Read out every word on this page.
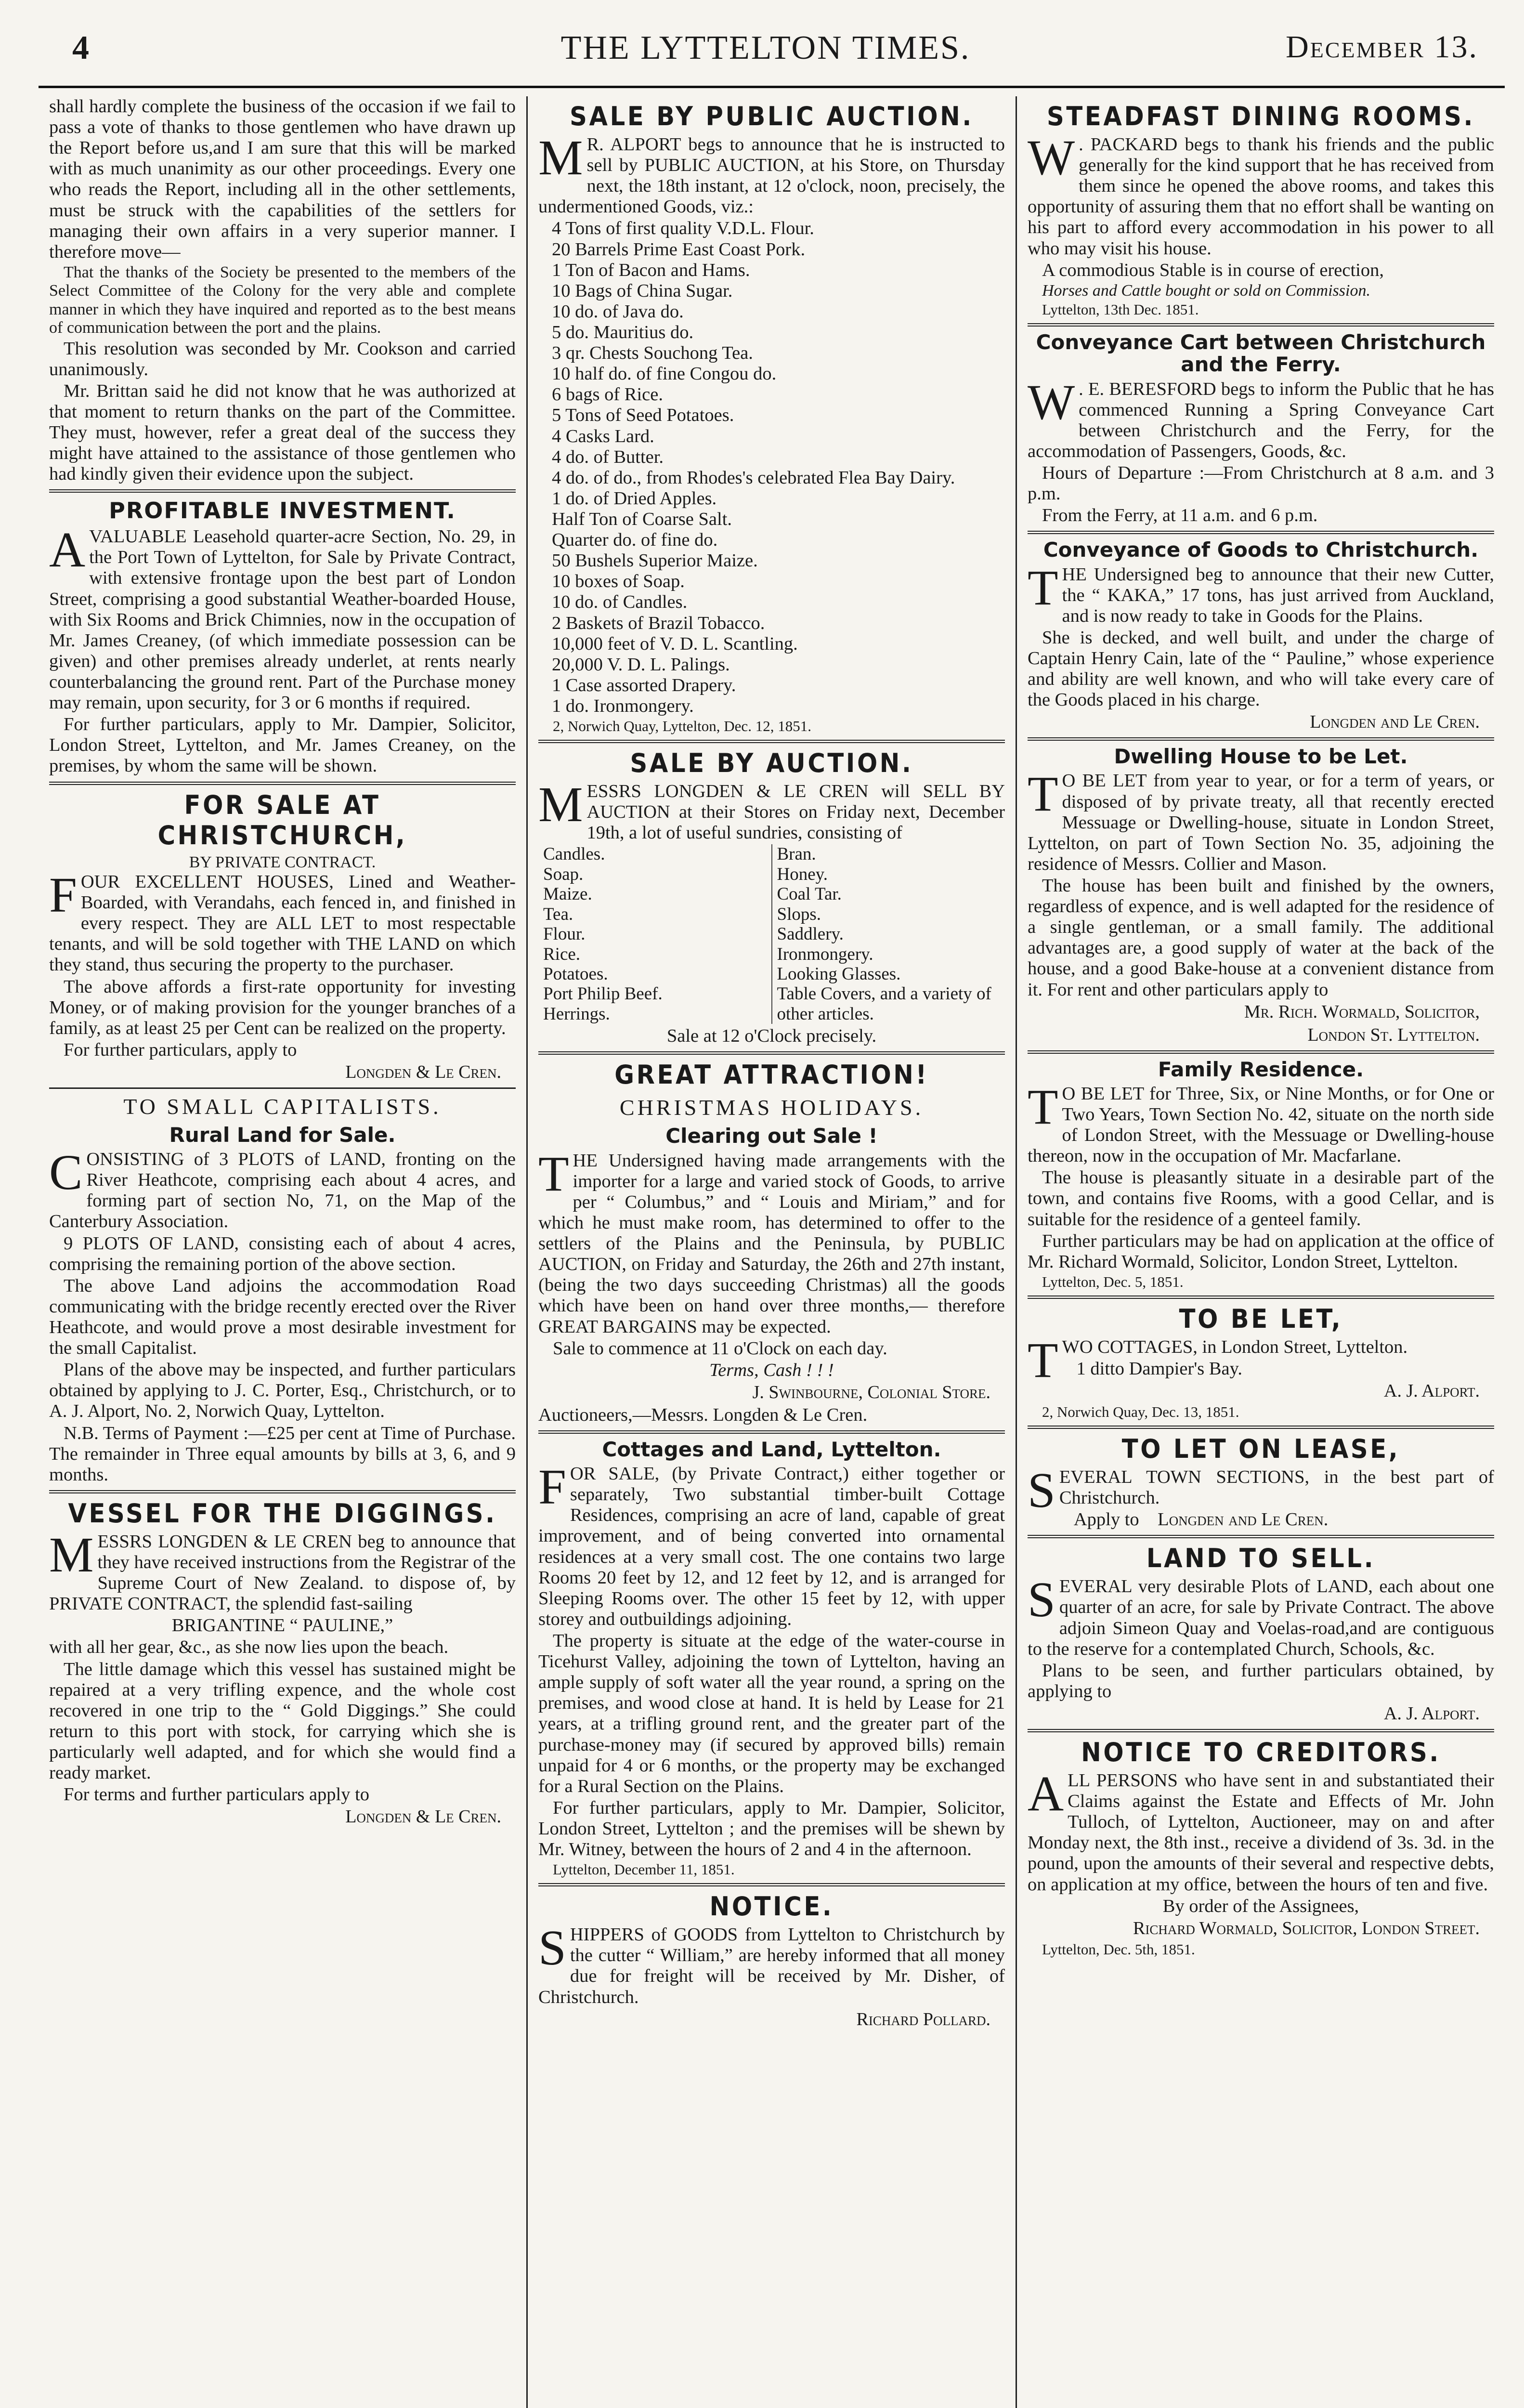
4	THE LYTTELTON TIMES.	December 13.

shall hardly complete the business of the occasion if we fail to pass a vote of thanks to those gentlemen who have drawn up the Report before us,and I am sure that this will be marked with as much unanimity as our other proceedings. Every one who reads the Report, including all in the other settlements, must be struck with the capabilities of the settlers for managing their own affairs in a very superior manner. I therefore move—

That the thanks of the Society be presented to the members of the Select Committee of the Colony for the very able and complete manner in which they have inquired and reported as to the best means of communication between the port and the plains.

This resolution was seconded by Mr. Cookson and carried unanimously.

Mr. Brittan said he did not know that he was authorized at that moment to return thanks on the part of the Committee. They must, however, refer a great deal of the success they might have attained to the assistance of those gentlemen who had kindly given their evidence upon the subject.

PROFITABLE INVESTMENT.

AVALUABLE Leasehold quarter-acre Section, No. 29, in the Port Town of Lyttelton, for Sale by Private Contract, with extensive frontage upon the best part of London Street, comprising a good substantial Weather-boarded House, with Six Rooms and Brick Chimnies, now in the occupation of Mr. James Creaney, (of which immediate possession can be given) and other premises already underlet, at rents nearly counterbalancing the ground rent. Part of the Purchase money may remain, upon security, for 3 or 6 months if required.

For further particulars, apply to Mr. Dampier, Solicitor, London Street, Lyttelton, and Mr. James Creaney, on the premises, by whom the same will be shown.

FOR SALE AT CHRISTCHURCH,
BY PRIVATE CONTRACT.

FOUR EXCELLENT HOUSES, Lined and Weather-Boarded, with Verandahs, each fenced in, and finished in every respect. They are ALL LET to most respectable tenants, and will be sold together with THE LAND on which they stand, thus securing the property to the purchaser.

The above affords a first-rate opportunity for investing Money, or of making provision for the younger branches of a family, as at least 25 per Cent can be realized on the property.

For further particulars, apply to

Longden & Le Cren.
TO SMALL CAPITALISTS.
Rural Land for Sale.

CONSISTING of 3 PLOTS of LAND, fronting on the River Heathcote, comprising each about 4 acres, and forming part of section No, 71, on the Map of the Canterbury Association.

9 PLOTS OF LAND, consisting each of about 4 acres, comprising the remaining portion of the above section.

The above Land adjoins the accommodation Road communicating with the bridge recently erected over the River Heathcote, and would prove a most desirable investment for the small Capitalist.

Plans of the above may be inspected, and further particulars obtained by applying to J. C. Porter, Esq., Christchurch, or to A. J. Alport, No. 2, Norwich Quay, Lyttelton.

N.B. Terms of Payment :—£25 per cent at Time of Purchase. The remainder in Three equal amounts by bills at 3, 6, and 9 months.

VESSEL FOR THE DIGGINGS.

MESSRS LONGDEN & LE CREN beg to announce that they have received instructions from the Registrar of the Supreme Court of New Zealand. to dispose of, by PRIVATE CONTRACT, the splendid fast-sailing

BRIGANTINE “ PAULINE,”

with all her gear, &c., as she now lies upon the beach.

The little damage which this vessel has sustained might be repaired at a very trifling expence, and the whole cost recovered in one trip to the “ Gold Diggings.” She could return to this port with stock, for carrying which she is particularly well adapted, and for which she would find a ready market.

For terms and further particulars apply to

Longden & Le Cren.
SALE BY PUBLIC AUCTION.

M R. ALPORT begs to announce that he is instructed to sell by PUBLIC AUCTION, at his Store, on Thursday next, the 18th instant, at 12 o'clock, noon, precisely, the undermentioned Goods, viz.:

4 Tons of first quality V.D.L. Flour.
20 Barrels Prime East Coast Pork.
1 Ton of Bacon and Hams.
10 Bags of China Sugar.
10 do. of Java do.
5 do. Mauritius do.
3 qr. Chests Souchong Tea.
10 half do. of fine Congou do.
6 bags of Rice.
5 Tons of Seed Potatoes.
4 Casks Lard.
4 do. of Butter.
4 do. of do., from Rhodes's celebrated Flea Bay Dairy.
1 do. of Dried Apples.
Half Ton of Coarse Salt.
Quarter do. of fine do.
50 Bushels Superior Maize.
10 boxes of Soap.
10 do. of Candles.
2 Baskets of Brazil Tobacco.
10,000 feet of V. D. L. Scantling.
20,000 V. D. L. Palings.
1 Case assorted Drapery.
1 do. Ironmongery.
2, Norwich Quay, Lyttelton, Dec. 12, 1851.
SALE BY AUCTION.

MESSRS LONGDEN & LE CREN will SELL BY AUCTION at their Stores on Friday next, December 19th, a lot of useful sundries, consisting of

Candles.
Soap.
Maize.
Tea.
Flour.
Rice.
Potatoes.
Port Philip Beef.
Herrings.
Bran.
Honey.
Coal Tar.
Slops.
Saddlery.
Ironmongery.
Looking Glasses.
Table Covers, and a variety of other articles.
Sale at 12 o'Clock precisely.
GREAT ATTRACTION!
CHRISTMAS HOLIDAYS.
Clearing out Sale !

THE Undersigned having made arrangements with the importer for a large and varied stock of Goods, to arrive per “ Columbus,” and “ Louis and Miriam,” and for which he must make room, has determined to offer to the settlers of the Plains and the Peninsula, by PUBLIC AUCTION, on Friday and Saturday, the 26th and 27th instant, (being the two days succeeding Christmas) all the goods which have been on hand over three months,— therefore GREAT BARGAINS may be expected.

Sale to commence at 11 o'Clock on each day.

Terms, Cash ! ! !
J. Swinbourne, Colonial Store.

Auctioneers,—Messrs. Longden & Le Cren.

Cottages and Land, Lyttelton.

FOR SALE, (by Private Contract,) either together or separately, Two substantial timber-built Cottage Residences, comprising an acre of land, capable of great improvement, and of being converted into ornamental residences at a very small cost. The one contains two large Rooms 20 feet by 12, and 12 feet by 12, and is arranged for Sleeping Rooms over. The other 15 feet by 12, with upper storey and outbuildings adjoining.

The property is situate at the edge of the water-course in Ticehurst Valley, adjoining the town of Lyttelton, having an ample supply of soft water all the year round, a spring on the premises, and wood close at hand. It is held by Lease for 21 years, at a trifling ground rent, and the greater part of the purchase-money may (if secured by approved bills) remain unpaid for 4 or 6 months, or the property may be exchanged for a Rural Section on the Plains.

For further particulars, apply to Mr. Dampier, Solicitor, London Street, Lyttelton ; and the premises will be shewn by Mr. Witney, between the hours of 2 and 4 in the afternoon.

Lyttelton, December 11, 1851.
NOTICE.

SHIPPERS of GOODS from Lyttelton to Christchurch by the cutter “ William,” are hereby informed that all money due for freight will be received by Mr. Disher, of Christchurch.

Richard Pollard.
STEADFAST DINING ROOMS.

W . PACKARD begs to thank his friends and the public generally for the kind support that he has received from them since he opened the above rooms, and takes this opportunity of assuring them that no effort shall be wanting on his part to afford every accommodation in his power to all who may visit his house.

A commodious Stable is in course of erection,

Horses and Cattle bought or sold on Commission.

Lyttelton, 13th Dec. 1851.
Conveyance Cart between Christchurch and the Ferry.

W . E. BERESFORD begs to inform the Public that he has commenced Running a Spring Conveyance Cart between Christchurch and the Ferry, for the accommodation of Passengers, Goods, &c.

Hours of Departure :—From Christchurch at 8 a.m. and 3 p.m.

From the Ferry, at 11 a.m. and 6 p.m.

Conveyance of Goods to Christchurch.

THE Undersigned beg to announce that their new Cutter, the “ KAKA,” 17 tons, has just arrived from Auckland, and is now ready to take in Goods for the Plains.

She is decked, and well built, and under the charge of Captain Henry Cain, late of the “ Pauline,” whose experience and ability are well known, and who will take every care of the Goods placed in his charge.

Longden and Le Cren.
Dwelling House to be Let.

T O BE LET from year to year, or for a term of years, or disposed of by private treaty, all that recently erected Messuage or Dwelling-house, situate in London Street, Lyttelton, on part of Town Section No. 35, adjoining the residence of Messrs. Collier and Mason.

The house has been built and finished by the owners, regardless of expence, and is well adapted for the residence of a single gentleman, or a small family. The additional advantages are, a good supply of water at the back of the house, and a good Bake-house at a convenient distance from it. For rent and other particulars apply to

Mr. Rich. Wormald, Solicitor,
London St. Lyttelton.
Family Residence.

T O BE LET for Three, Six, or Nine Months, or for One or Two Years, Town Section No. 42, situate on the north side of London Street, with the Messuage or Dwelling-house thereon, now in the occupation of Mr. Macfarlane.

The house is pleasantly situate in a desirable part of the town, and contains five Rooms, with a good Cellar, and is suitable for the residence of a genteel family.

Further particulars may be had on application at the office of Mr. Richard Wormald, Solicitor, London Street, Lyttelton.

Lyttelton, Dec. 5, 1851.
TO BE LET,

TWO COTTAGES, in London Street, Lyttelton.

1 ditto Dampier's Bay.

A. J. Alport.
2, Norwich Quay, Dec. 13, 1851.
TO LET ON LEASE,

SEVERAL TOWN SECTIONS, in the best part of Christchurch.

Apply to Longden and Le Cren.

LAND TO SELL.

SEVERAL very desirable Plots of LAND, each about one quarter of an acre, for sale by Private Contract. The above adjoin Simeon Quay and Voelas-road,and are contiguous to the reserve for a contemplated Church, Schools, &c.

Plans to be seen, and further particulars obtained, by applying to

A. J. Alport.
NOTICE TO CREDITORS.

ALL PERSONS who have sent in and substantiated their Claims against the Estate and Effects of Mr. John Tulloch, of Lyttelton, Auctioneer, may on and after Monday next, the 8th inst., receive a dividend of 3s. 3d. in the pound, upon the amounts of their several and respective debts, on application at my office, between the hours of ten and five.

By order of the Assignees,
Richard Wormald, Solicitor, London Street.
Lyttelton, Dec. 5th, 1851.
